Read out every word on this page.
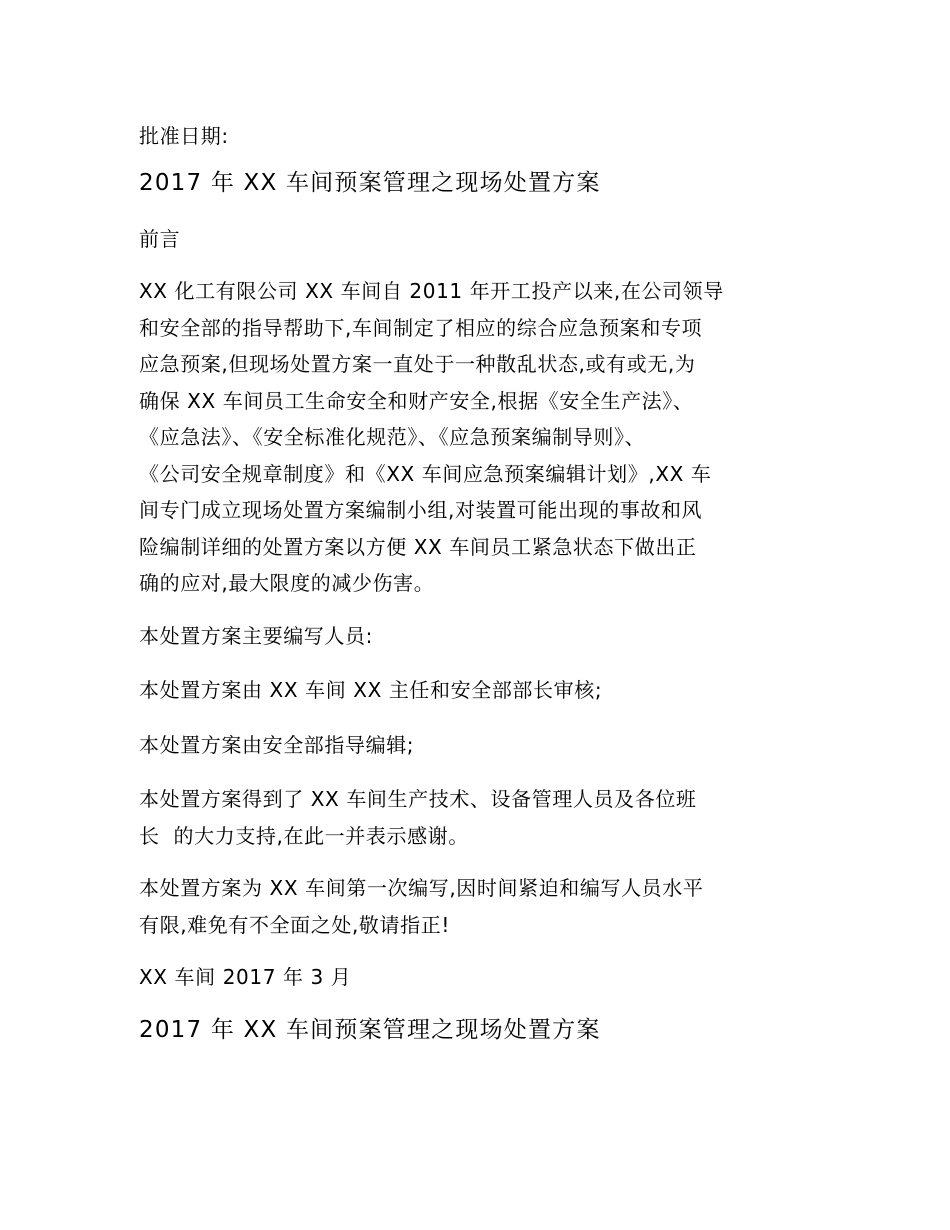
批准日期:

2017 年 XX 车间预案管理之现场处置方案

前言

XX 化工有限公司 XX 车间自 2011 年开工投产以来,在公司领导
和安全部的指导帮助下,车间制定了相应的综合应急预案和专项
应急预案,但现场处置方案一直处于一种散乱状态,或有或无,为
确保 XX 车间员工生命安全和财产安全,根据《安全生产法》、
《应急法》、《安全标准化规范》、《应急预案编制导则》、
《公司安全规章制度》和《XX 车间应急预案编辑计划》,XX 车
间专门成立现场处置方案编制小组,对装置可能出现的事故和风
险编制详细的处置方案以方便 XX 车间员工紧急状态下做出正
确的应对,最大限度的减少伤害。

本处置方案主要编写人员:

本处置方案由 XX 车间 XX 主任和安全部部长审核;

本处置方案由安全部指导编辑;

本处置方案得到了 XX 车间生产技术、设备管理人员及各位班
长  的大力支持,在此一并表示感谢。
本处置方案为 XX 车间第一次编写,因时间紧迫和编写人员水平
有限,难免有不全面之处,敬请指正!

XX 车间 2017 年 3 月

2017 年 XX 车间预案管理之现场处置方案
